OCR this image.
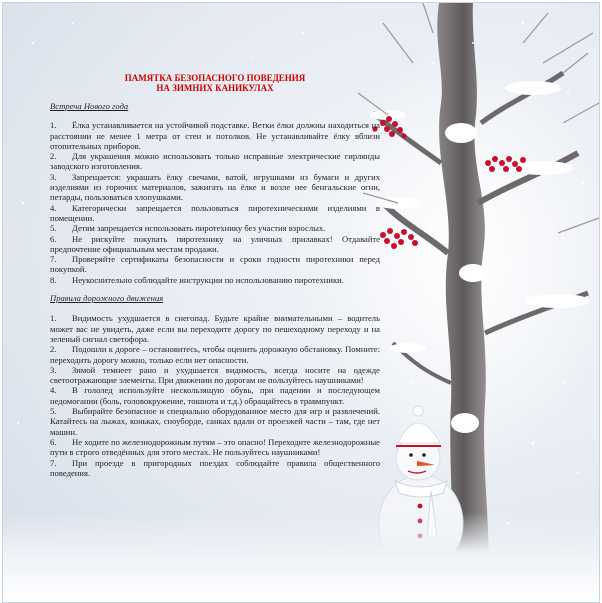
ПАМЯТКА БЕЗОПАСНОГО ПОВЕДЕНИЯ
НА ЗИМНИХ КАНИКУЛАХ
Встреча Нового года

1. Ёлка устанавливается на устойчивой подставке. Ветки ёлки должны находиться на расстоянии не менее 1 метра от стен и потолков. Не устанавливайте ёлку вблизи отопительных приборов.

2. Для украшения можно использовать только исправные электрические гирлянды заводского изготовления.

3. Запрещается: украшать ёлку свечами, ватой, игрушками из бумаги и других изделиями из горючих материалов, зажигать на ёлке и возле нее бенгальские огни, петарды, пользоваться хлопушками.

4. Категорически запрещается пользоваться пиротехническими изделиями в помещении.

5. Детям запрещается использовать пиротехнику без участия взрослых.

6. Не рискуйте покупать пиротехнику на уличных прилавках! Отдавайте предпочтение официальным местам продажи.

7. Проверяйте сертификаты безопасности и сроки годности пиротехники перед покупкой.

8. Неукоснительно соблюдайте инструкции по использованию пиротехники.

Правила дорожного движения

1. Видимость ухудшается в снегопад. Будьте крайне внимательными – водитель может вас не увидеть, даже если вы переходите дорогу по пешеходному переходу и на зеленый сигнал светофора.

2. Подошли к дороге – остановитесь, чтобы оценить дорожную обстановку. Помните: переходить дорогу можно, только если нет опасности.

3. Зимой темнеет рано и ухудшается видимость, всегда носите на одежде светоотражающие элементы. При движении по дорогам не пользуйтесь наушниками!

4. В гололед используйте нескользящую обувь, при падении и последующем недомогании (боль, головокружение, тошнота и т.д.) обращайтесь в травмпункт.

5. Выбирайте безопасное и специально оборудованное место для игр и развлечений. Катайтесь на лыжах, коньках, сноуборде, санках вдали от проезжей части – там, где нет машин.

6. Не ходите по железнодорожным путям – это опасно! Переходите железнодорожные пути в строго отведённых для этого местах. Не пользуйтесь наушниками!

7. При проезде в пригородных поездах соблюдайте правила общественного поведения.
